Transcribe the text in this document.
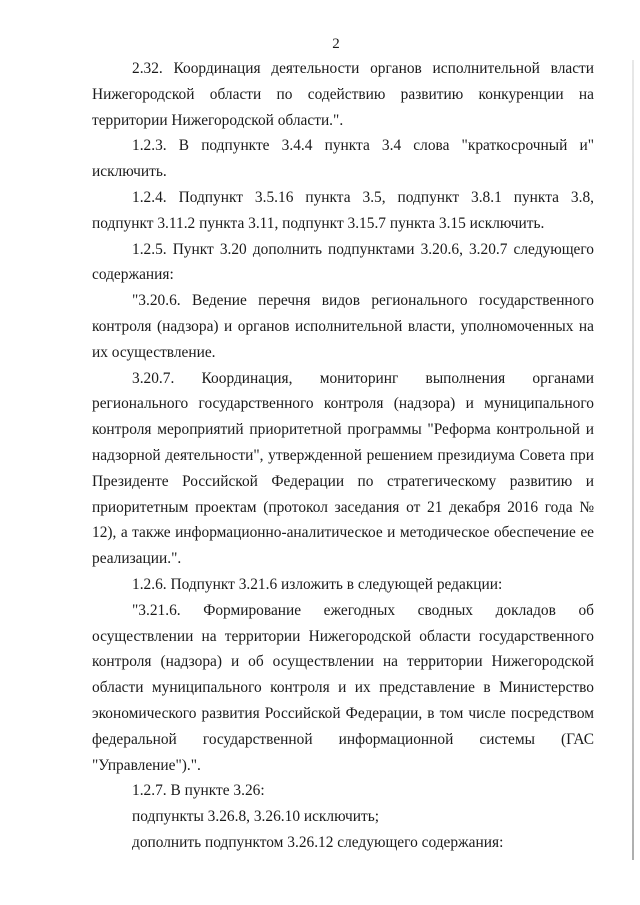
2

2.32. Координация деятельности органов исполнительной власти Нижегородской области по содействию развитию конкуренции на территории Нижегородской области.".

1.2.3. В подпункте 3.4.4 пункта 3.4 слова "краткосрочный и" исключить.

1.2.4. Подпункт 3.5.16 пункта 3.5, подпункт 3.8.1 пункта 3.8, подпункт 3.11.2 пункта 3.11, подпункт 3.15.7 пункта 3.15 исключить.

1.2.5. Пункт 3.20 дополнить подпунктами 3.20.6, 3.20.7 следующего содержания:

"3.20.6. Ведение перечня видов регионального государственного контроля (надзора) и органов исполнительной власти, уполномоченных на их осуществление.

3.20.7. Координация, мониторинг выполнения органами регионального государственного контроля (надзора) и муниципального контроля мероприятий приоритетной программы "Реформа контрольной и надзорной деятельности", утвержденной решением президиума Совета при Президенте Российской Федерации по стратегическому развитию и приоритетным проектам (протокол заседания от 21 декабря 2016 года № 12), а также информационно-аналитическое и методическое обеспечение ее реализации.".

1.2.6. Подпункт 3.21.6 изложить в следующей редакции:

"3.21.6. Формирование ежегодных сводных докладов об осуществлении на территории Нижегородской области государственного контроля (надзора) и об осуществлении на территории Нижегородской области муниципального контроля и их представление в Министерство экономического развития Российской Федерации, в том числе посредством федеральной государственной информационной системы (ГАС "Управление").".

1.2.7. В пункте 3.26:

подпункты 3.26.8, 3.26.10 исключить;

дополнить подпунктом 3.26.12 следующего содержания:
